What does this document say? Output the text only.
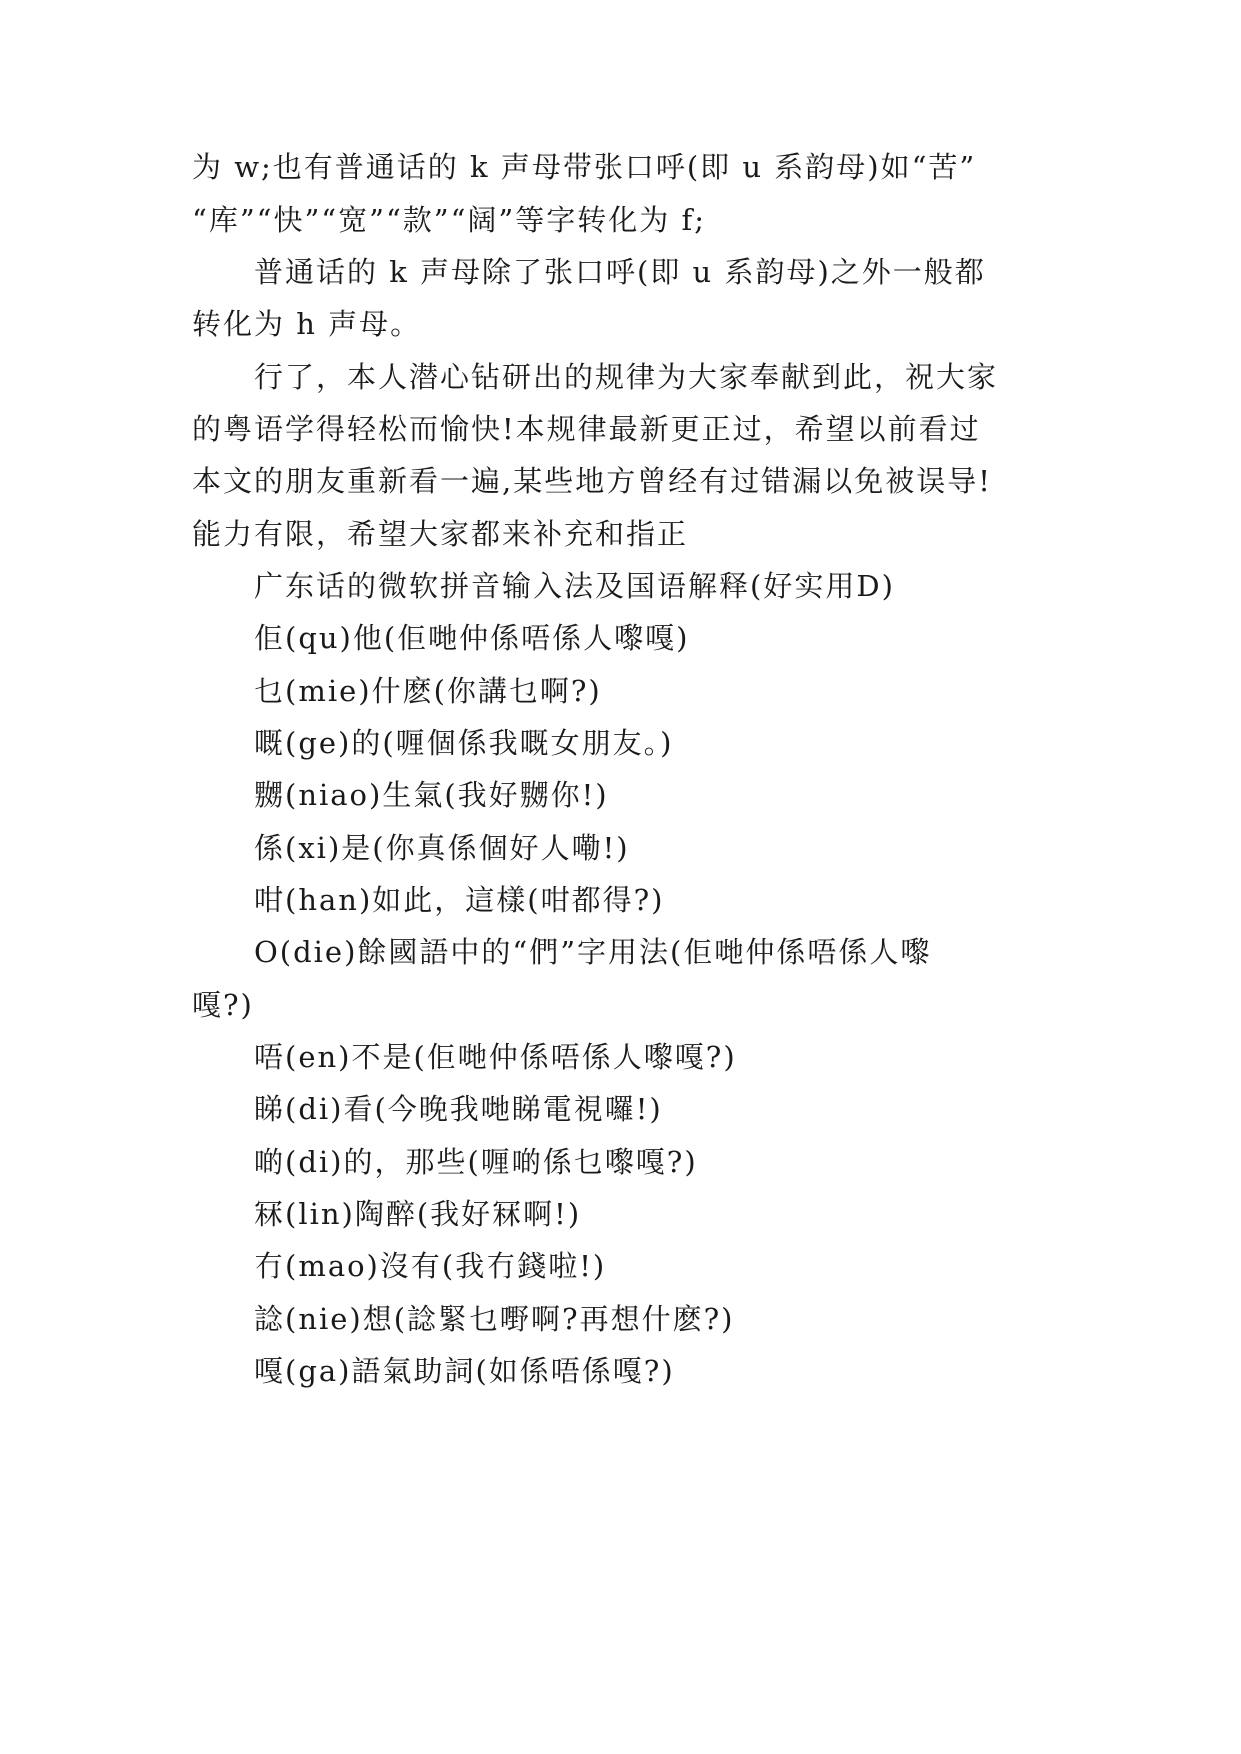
为 w;也有普通话的 k 声母带张口呼(即 u 系韵母)如“苦”
“库”“快”“宽”“款”“阔”等字转化为 f;
普通话的 k 声母除了张口呼(即 u 系韵母)之外一般都
转化为 h 声母。
行了，本人潜心钻研出的规律为大家奉献到此，祝大家
的粤语学得轻松而愉快!本规律最新更正过，希望以前看过
本文的朋友重新看一遍,某些地方曾经有过错漏以免被误导!
能力有限，希望大家都来补充和指正
广东话的微软拼音输入法及国语解释(好实用D)
佢(qu)他(佢哋仲係唔係人嚟嘎)
乜(mie)什麽(你講乜啊?)
嘅(ge)的(喱個係我嘅女朋友。)
嬲(niao)生氣(我好嬲你!)
係(xi)是(你真係個好人嘞!)
咁(han)如此，這樣(咁都得?)
O(die)餘國語中的“們”字用法(佢哋仲係唔係人嚟
嘎?)
唔(en)不是(佢哋仲係唔係人嚟嘎?)
睇(di)看(今晚我哋睇電視囉!)
啲(di)的，那些(喱啲係乜嚟嘎?)
冧(lin)陶醉(我好冧啊!)
冇(mao)沒有(我冇錢啦!)
諗(nie)想(諗緊乜嘢啊?再想什麽?)
嘎(ga)語氣助詞(如係唔係嘎?)
